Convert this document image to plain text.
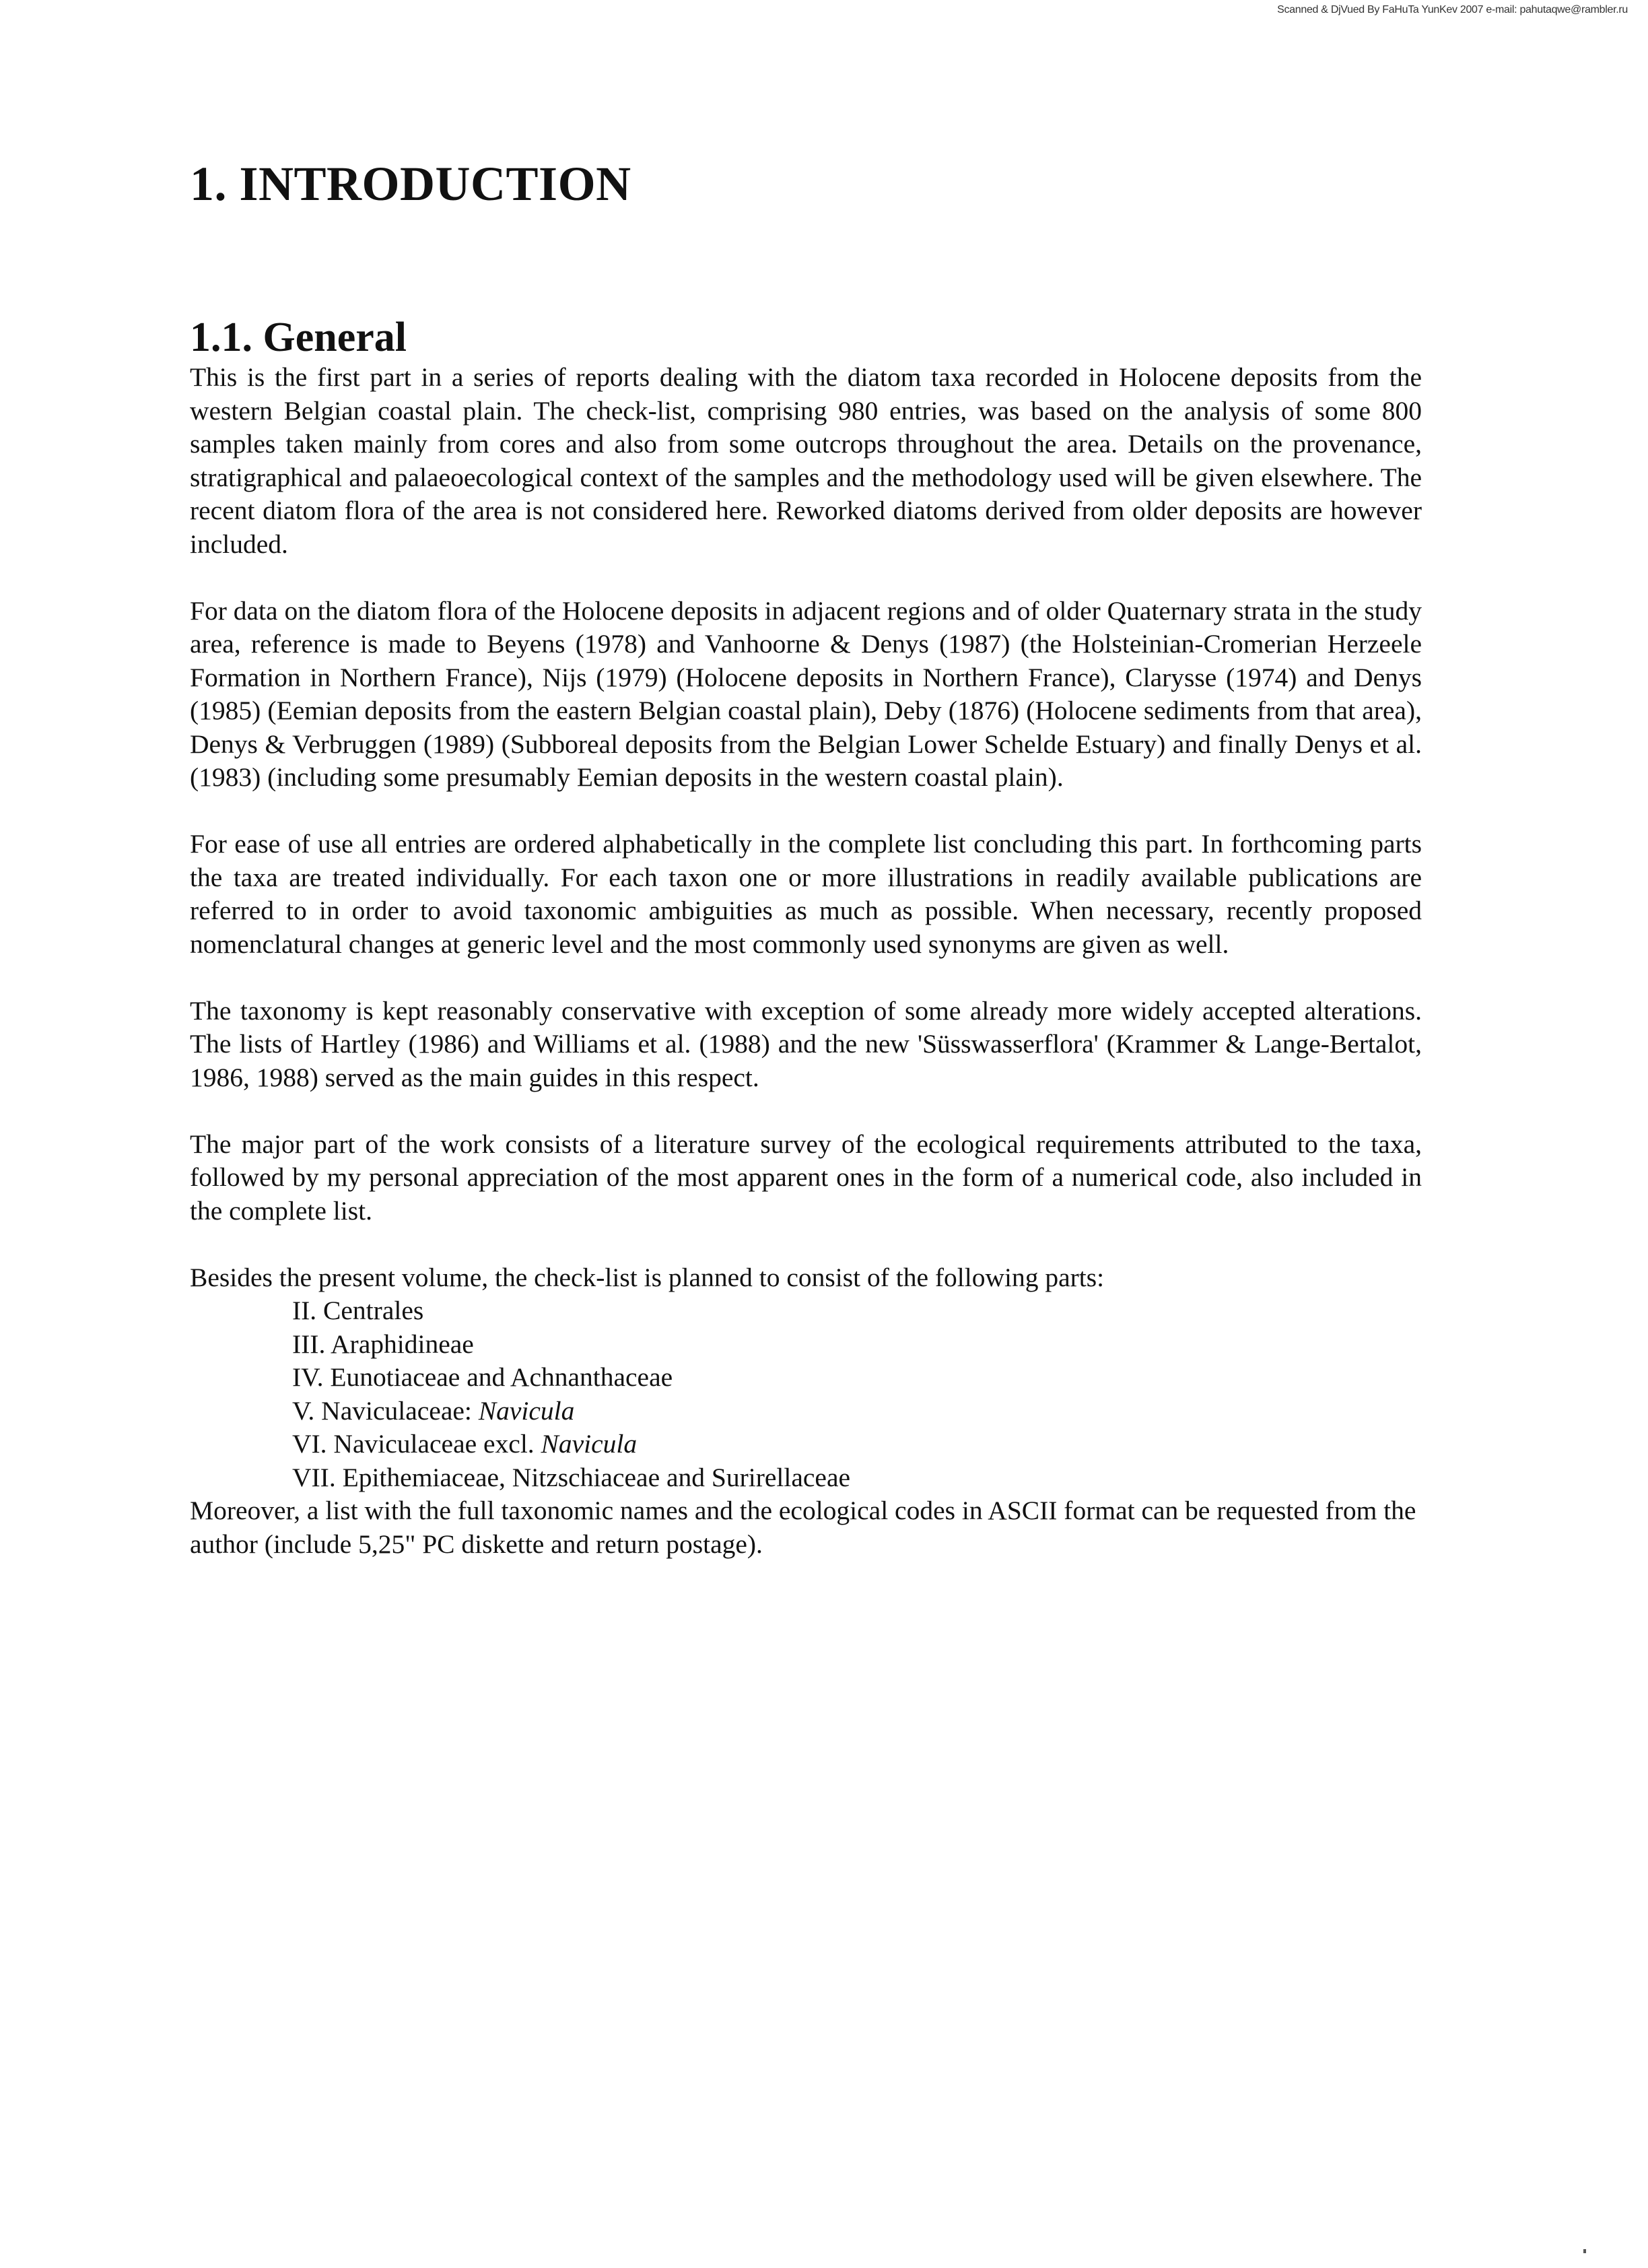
Scanned & DjVued By FaHuTa YunKev 2007 e-mail: pahutaqwe@rambler.ru
1. INTRODUCTION
1.1. General

This is the first part in a series of reports dealing with the diatom taxa recorded in Holocene deposits from the western Belgian coastal plain. The check-list, comprising 980 entries, was based on the analysis of some 800 samples taken mainly from cores and also from some outcrops throughout the area. Details on the provenance, stratigraphical and palaeoecological context of the samples and the methodology used will be given elsewhere. The recent diatom flora of the area is not considered here. Reworked diatoms derived from older deposits are however included.

For data on the diatom flora of the Holocene deposits in adjacent regions and of older Quaternary strata in the study area, reference is made to Beyens (1978) and Vanhoorne & Denys (1987) (the Holsteinian-Cromerian Herzeele Formation in Northern France), Nijs (1979) (Holocene deposits in Northern France), Clarysse (1974) and Denys (1985) (Eemian deposits from the eastern Belgian coastal plain), Deby (1876) (Holocene sediments from that area), Denys & Verbruggen (1989) (Subboreal deposits from the Belgian Lower Schelde Estuary) and finally Denys et al. (1983) (including some presumably Eemian deposits in the western coastal plain).

For ease of use all entries are ordered alphabetically in the complete list concluding this part. In forthcoming parts the taxa are treated individually. For each taxon one or more illustrations in readily available publications are referred to in order to avoid taxonomic ambiguities as much as possible. When necessary, recently proposed nomenclatural changes at generic level and the most commonly used synonyms are given as well.

The taxonomy is kept reasonably conservative with exception of some already more widely accepted alterations. The lists of Hartley (1986) and Williams et al. (1988) and the new 'Süsswasserflora' (Krammer & Lange-Bertalot, 1986, 1988) served as the main guides in this respect.

The major part of the work consists of a literature survey of the ecological requirements attributed to the taxa, followed by my personal appreciation of the most apparent ones in the form of a numerical code, also included in the complete list.

Besides the present volume, the check-list is planned to consist of the following parts:

II. Centrales
III. Araphidineae
IV. Eunotiaceae and Achnanthaceae
V. Naviculaceae: Navicula
VI. Naviculaceae excl. Navicula
VII. Epithemiaceae, Nitzschiaceae and Surirellaceae

Moreover, a list with the full taxonomic names and the ecological codes in ASCII format can be requested from the author (include 5,25" PC diskette and return postage).
